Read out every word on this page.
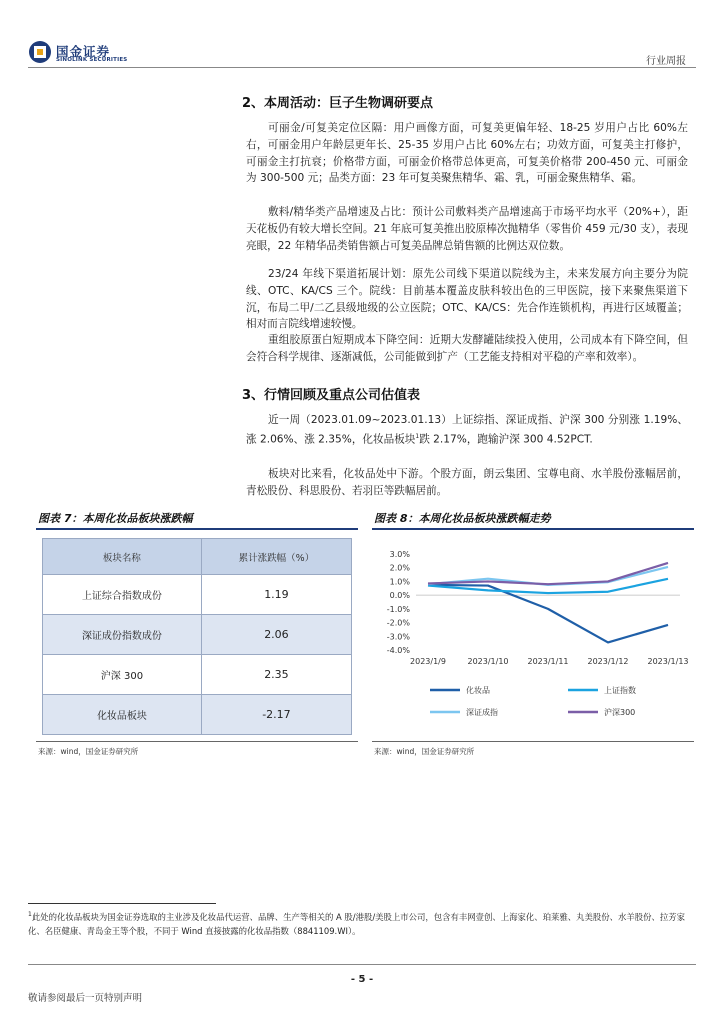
国金证券
SINOLINK SECURITIES	行业周报
2、本周活动：巨子生物调研要点
可丽金/可复美定位区隔：用户画像方面，可复美更偏年轻、18-25 岁用户占比 60%左右，可丽金用户年龄层更年长、25-35 岁用户占比 60%左右；功效方面，可复美主打修护，可丽金主打抗衰；价格带方面，可丽金价格带总体更高，可复美价格带 200-450 元、可丽金为 300-500 元；品类方面：23 年可复美聚焦精华、霜、乳，可丽金聚焦精华、霜。
敷料/精华类产品增速及占比：预计公司敷料类产品增速高于市场平均水平（20%+），距天花板仍有较大增长空间。21 年底可复美推出胶原棒次抛精华（零售价 459 元/30 支），表现亮眼，22 年精华品类销售额占可复美品牌总销售额的比例达双位数。
23/24 年线下渠道拓展计划：原先公司线下渠道以院线为主，未来发展方向主要分为院线、OTC、KA/CS 三个。院线：目前基本覆盖皮肤科较出色的三甲医院，接下来聚焦渠道下沉，布局二甲/二乙县级地级的公立医院；OTC、KA/CS：先合作连锁机构，再进行区域覆盖；相对而言院线增速较慢。
重组胶原蛋白短期成本下降空间：近期大发酵罐陆续投入使用，公司成本有下降空间，但会符合科学规律、逐渐减低，公司能做到扩产（工艺能支持相对平稳的产率和效率）。
3、行情回顾及重点公司估值表
近一周（2023.01.09~2023.01.13）上证综指、深证成指、沪深 300 分别涨 1.19%、涨 2.06%、涨 2.35%，化妆品板块$^1$跌 2.17%，跑输沪深 300 4.52PCT.
板块对比来看，化妆品处中下游。个股方面，朗云集团、宝尊电商、水羊股份涨幅居前，青松股份、科思股份、若羽臣等跌幅居前。
图表 7：本周化妆品板块涨跌幅
板块名称	累计涨跌幅（%）
上证综合指数成份	1.19
深证成份指数成份	2.06
沪深 300	2.35
化妆品板块	-2.17
来源：wind，国金证券研究所
图表 8：本周化妆品板块涨跌幅走势
3.0%
2.0%
1.0%
0.0%
-1.0%
-2.0%
-3.0%
-4.0%
2023/1/9	2023/1/10 2023/1/11 2023/1/12 2023/1/13
化妆品	上证指数
深证成指	沪深300
来源：wind，国金证券研究所
$^1$此处的化妆品板块为国金证券选取的主业涉及化妆品代运营、品牌、生产等相关的 A 股/港股/美股上市公司，包含有丰网壹创、上海家化、珀莱雅、丸美股份、水羊股份、拉芳家化、名臣健康、青岛金王等个股，不同于 Wind 直接披露的化妆品指数（8841109.WI）。
- 5 -
敬请参阅最后一页特别声明
